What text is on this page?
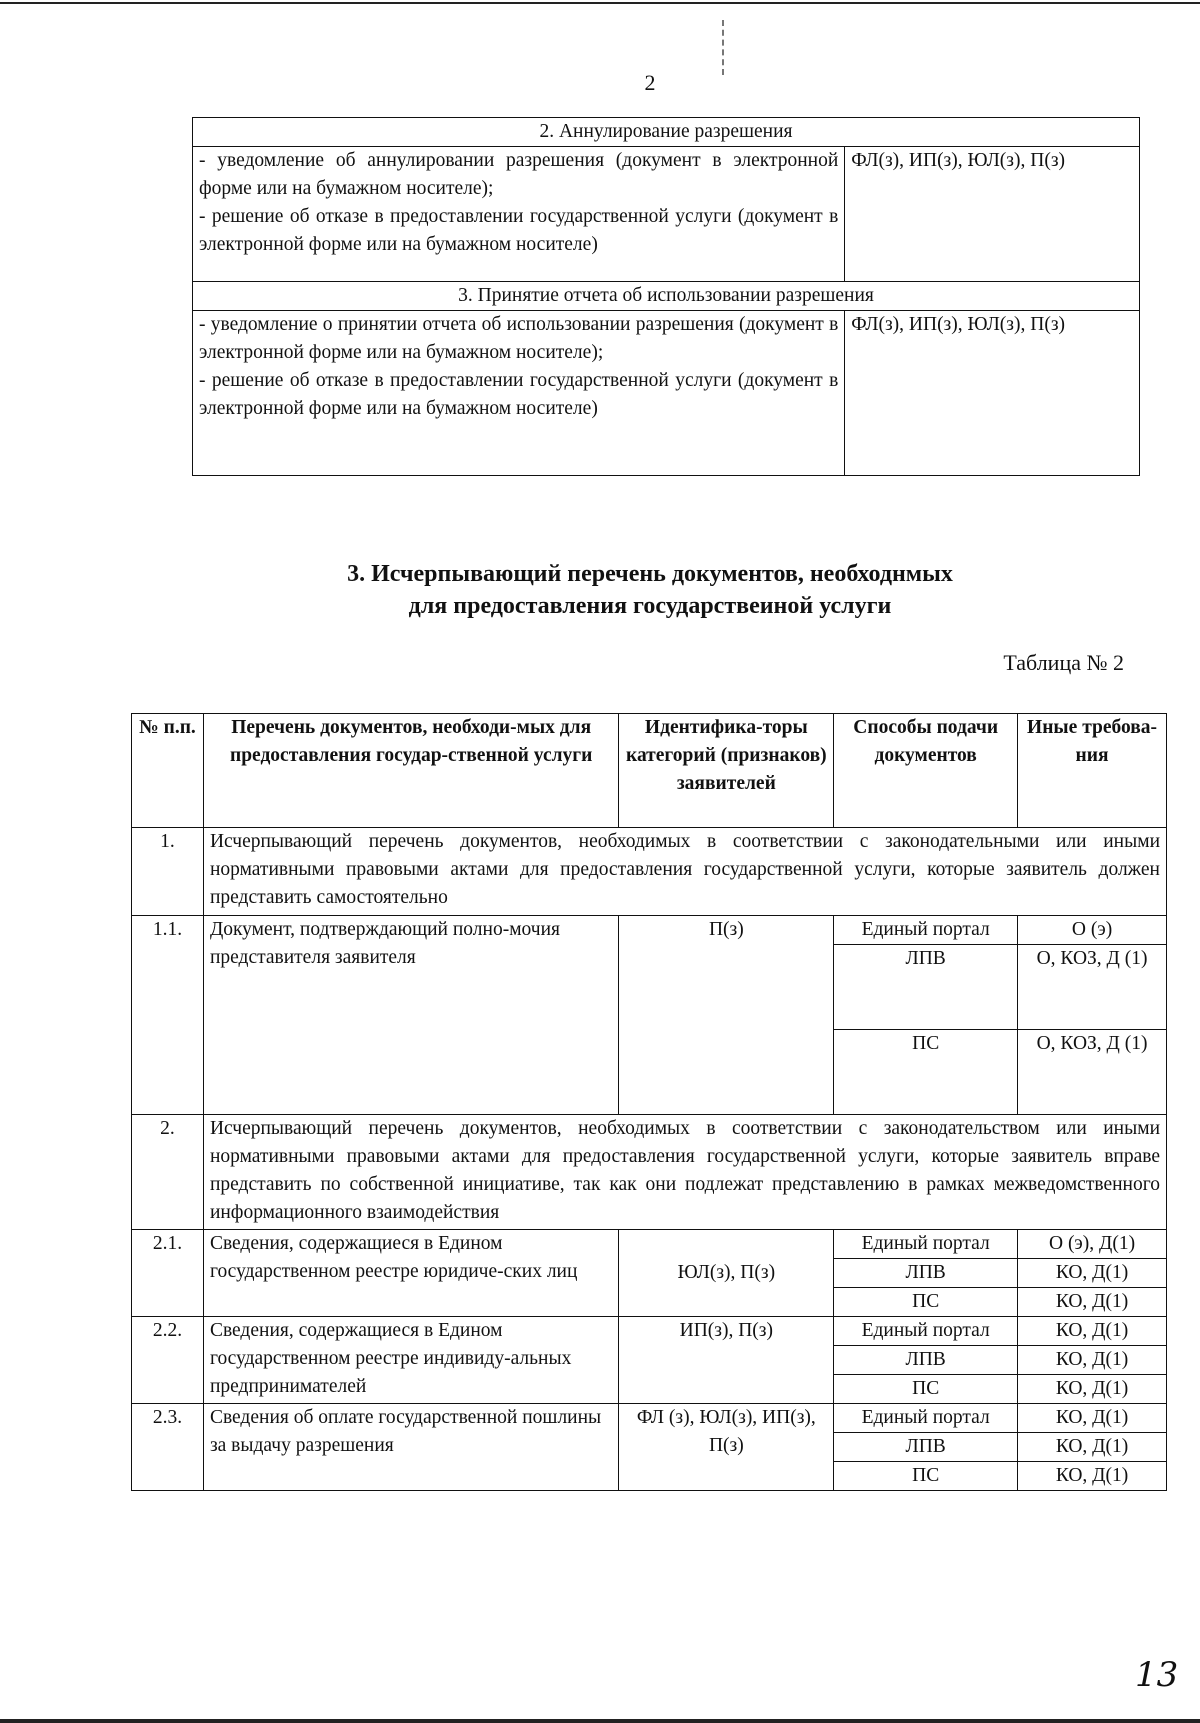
2
2. Аннулирование разрешения	
- уведомление об аннулировании разрешения (документ в электронной форме или на бумажном носителе);
- решение об отказе в предоставлении государственной услуги (документ в электронной форме или на бумажном носителе)	ФЛ(з), ИП(з), ЮЛ(з), П(з)
3. Принятие отчета об использовании разрешения	
- уведомление о принятии отчета об использовании разрешения (документ в электронной форме или на бумажном носителе);
- решение об отказе в предоставлении государственной услуги (документ в электронной форме или на бумажном носителе)	ФЛ(з), ИП(з), ЮЛ(з), П(з)
3. Исчерпывающий перечень документов, необходнмых
для предоставления государствеиной услуги
Таблица № 2
№ п.п.	Перечень документов, необходи-мых для предоставления государ-ственной услуги	Идентифика-торы категорий (признаков) заявителей	Способы подачи документов	Иные требова-ния
1.	Исчерпывающий перечень документов, необходимых в соответствии с законодательными или иными нормативными правовыми актами для предоставления государственной услуги, которые заявитель должен представить самостоятельно			
1.1.	Документ, подтверждающий полно-мочия представителя заявителя	П(з)	Единый портал	О (э)
			ЛПВ	О, КОЗ, Д (1)
			ПС	О, КОЗ, Д (1)
2.	Исчерпывающий перечень документов, необходимых в соответствии с законодательством или иными нормативными правовыми актами для предоставления государственной услуги, которые заявитель вправе представить по собственной инициативе, так как они подлежат представлению в рамках межведомственного информационного взаимодействия			
2.1.	Сведения, содержащиеся в Едином государственном реестре юридиче-ских лиц	ЮЛ(з), П(з)	Единый портал	О (э), Д(1)
			ЛПВ	КО, Д(1)
			ПС	КО, Д(1)
2.2.	Сведения, содержащиеся в Едином государственном реестре индивиду-альных предпринимателей	ИП(з), П(з)	Единый портал	КО, Д(1)
			ЛПВ	КО, Д(1)
			ПС	КО, Д(1)
2.3.	Сведения об оплате государственной пошлины за выдачу разрешения	ФЛ (з), ЮЛ(з), ИП(з), П(з)	Единый портал	КО, Д(1)
			ЛПВ	КО, Д(1)
			ПС	КО, Д(1)
13
